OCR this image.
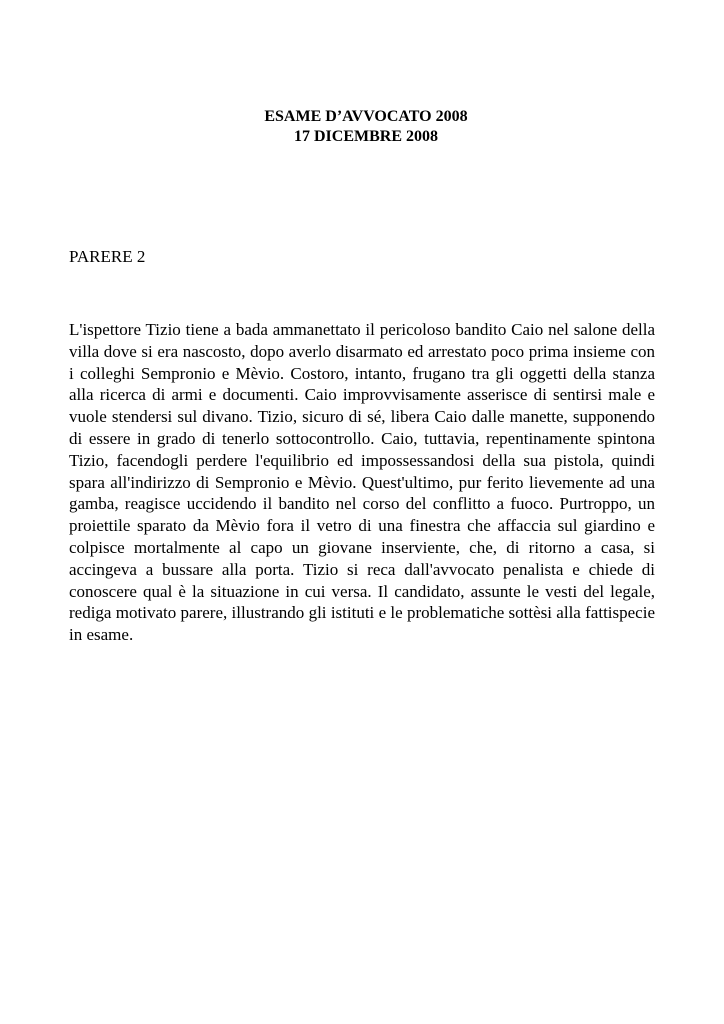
ESAME D’AVVOCATO 2008
17 DICEMBRE 2008
PARERE 2

L'ispettore Tizio tiene a bada ammanettato il pericoloso bandito Caio nel salone della villa dove si era nascosto, dopo averlo disarmato ed arrestato poco prima insieme con i colleghi Sempronio e Mèvio. Costoro, intanto, frugano tra gli oggetti della stanza alla ricerca di armi e documenti. Caio improvvisamente asserisce di sentirsi male e vuole stendersi sul divano. Tizio, sicuro di sé, libera Caio dalle manette, supponendo di essere in grado di tenerlo sottocontrollo. Caio, tuttavia, repentinamente spintona Tizio, facendogli perdere l'equilibrio ed impossessandosi della sua pistola, quindi spara all'indirizzo di Sempronio e Mèvio. Quest'ultimo, pur ferito lievemente ad una gamba, reagisce uccidendo il bandito nel corso del conflitto a fuoco. Purtroppo, un proiettile sparato da Mèvio fora il vetro di una finestra che affaccia sul giardino e colpisce mortalmente al capo un giovane inserviente, che, di ritorno a casa, si accingeva a bussare alla porta. Tizio si reca dall'avvocato penalista e chiede di conoscere qual è la situazione in cui versa. Il candidato, assunte le vesti del legale, rediga motivato parere, illustrando gli istituti e le problematiche sottèsi alla fattispecie in esame.
